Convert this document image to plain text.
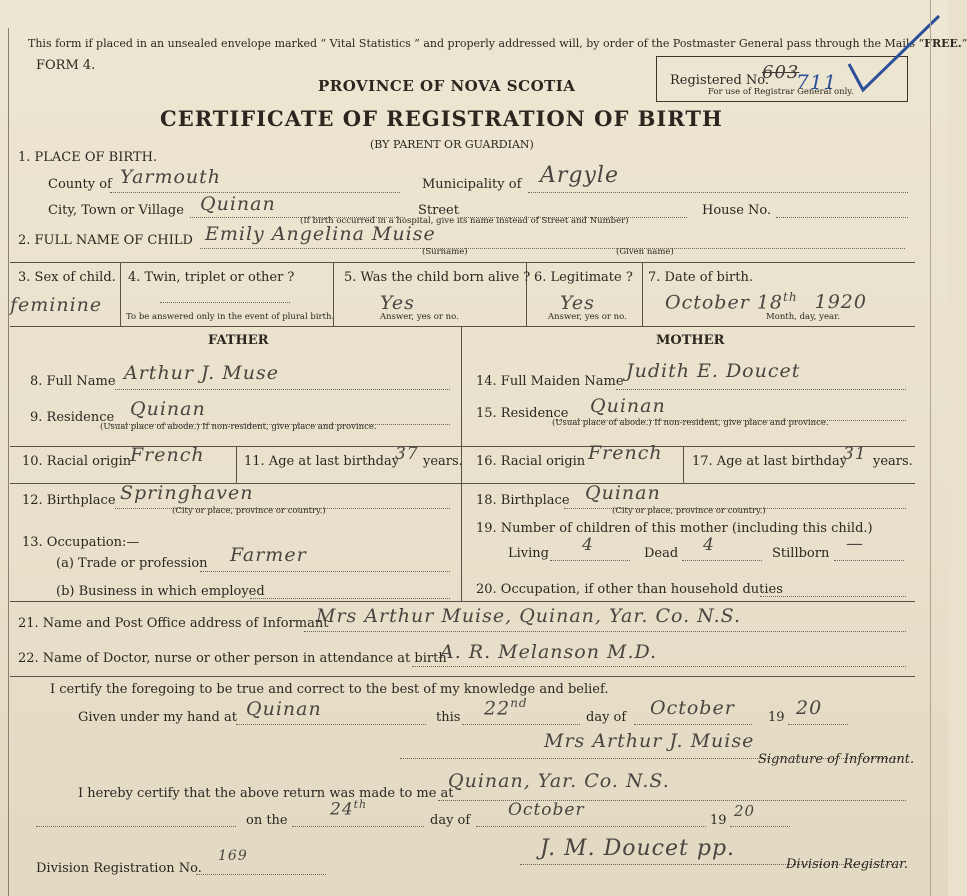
This form if placed in an unsealed envelope marked “ Vital Statistics ” and properly addressed will, by order of the Postmaster General pass through the Mails “FREE.”
FORM 4.
PROVINCE OF NOVA SCOTIA
CERTIFICATE OF REGISTRATION OF BIRTH
(BY PARENT OR GUARDIAN)
Registered No.
603
711
For use of Registrar General only.
1. PLACE OF BIRTH.
County of Yarmouth	Municipality of Argyle
City, Town or Village Quinan	Street	House No.
(If birth occurred in a hospital, give its name instead of Street and Number)
2. FULL NAME OF CHILD Emily Angelina Muise
(Surname)	(Given name)
3. Sex of child.
feminine
4. Twin, triplet or other ?
To be answered only in the event of plural birth.
5. Was the child born alive ?
Yes
Answer, yes or no.
6. Legitimate ?
Yes
Answer, yes or no.
7. Date of birth.
October 18th 1920
Month, day, year.
FATHER	MOTHER
8. Full Name Arthur J. Muse
9. Residence Quinan
(Usual place of abode.) If non-resident, give place and province.
10. Racial origin
French	11. Age at last birthday
37 years.
12. Birthplace Springhaven
(City or place, province or country.)
13. Occupation:—
(a) Trade or profession Farmer
(b) Business in which employed
14. Full Maiden Name Judith E. Doucet
15. Residence Quinan
(Usual place of abode.) If non-resident, give place and province.
16. Racial origin French 17. Age at last birthday
31 years.
18. Birthplace Quinan
(City or place, province or country.)
19. Number of children of this mother (including this child.)
Living 4	Dead 4	Stillborn —
20. Occupation, if other than household duties
21. Name and Post Office address of Informant
Mrs Arthur Muise, Quinan, Yar. Co. N.S.
22. Name of Doctor, nurse or other person in attendance at birth
A. R. Melanson M.D.
I certify the foregoing to be true and correct to the best of my knowledge and belief.
Given under my hand at Quinan	this 22nd
day of October	19 20
Mrs Arthur J. Muise
Signature of Informant.
I hereby certify that the above return was made to me at
Quinan, Yar. Co. N.S.
on the
24th
day of
October
19
20
Division Registration No.
169	J. M. Doucet pp.
Division Registrar.
